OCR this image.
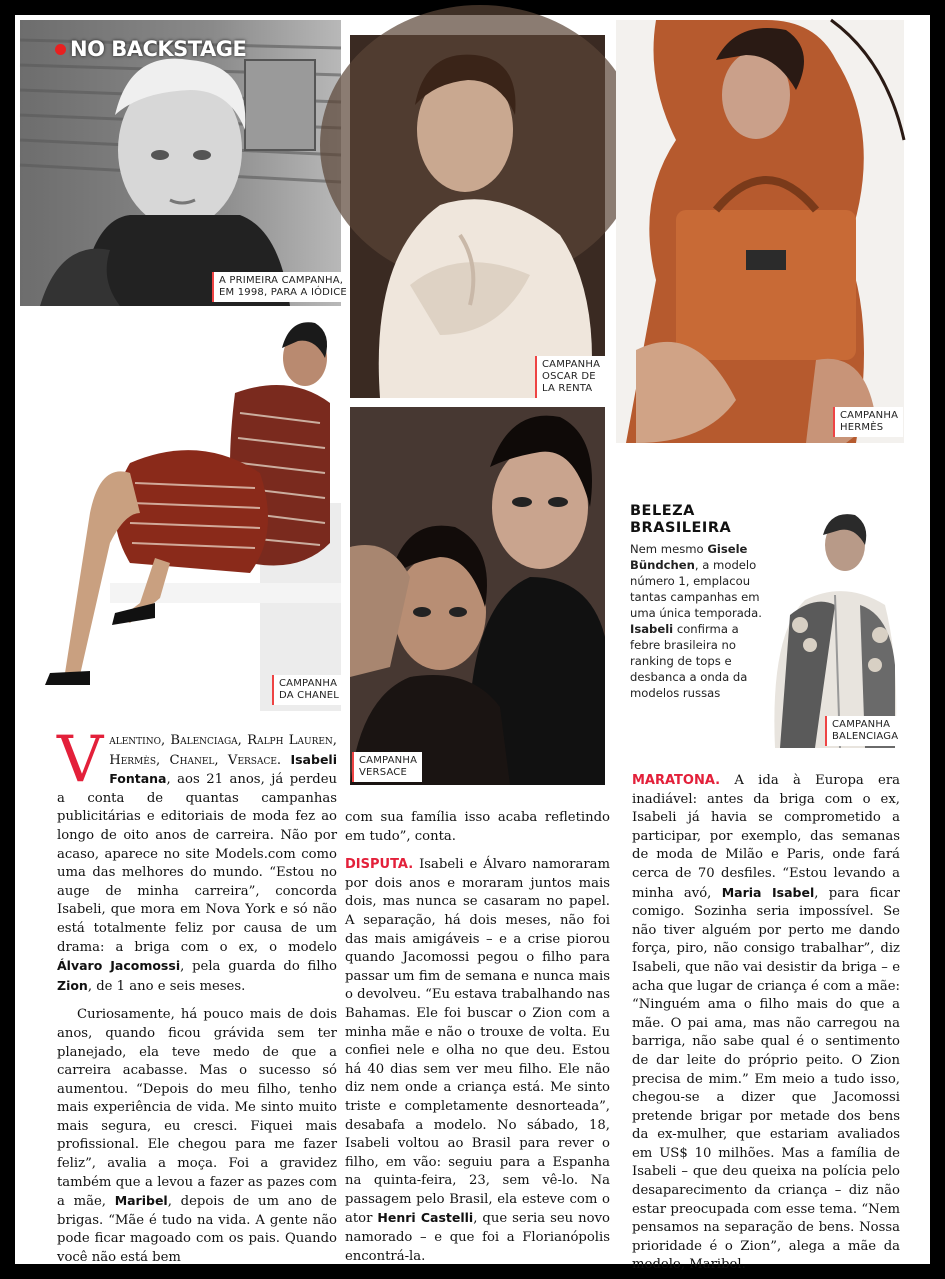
NO BACKSTAGE
A PRIMEIRA CAMPANHA,
EM 1998, PARA A IÓDICE
CAMPANHA
OSCAR DE
LA RENTA
CAMPANHA
HERMÈS
CAMPANHA
DA CHANEL
CAMPANHA
VERSACE
CAMPANHA
BALENCIAGA
BELEZA
BRASILEIRA

Nem mesmo Gisele Bündchen, a modelo número 1, emplacou tantas campanhas em uma única temporada. Isabeli confirma a febre brasileira no ranking de tops e desbanca a onda da modelos russas

Valentino, Balenciaga, Ralph Lauren, Hermès, Chanel, Versace. Isabeli Fontana, aos 21 anos, já perdeu a conta de quantas campanhas publicitárias e editoriais de moda fez ao longo de oito anos de carreira. Não por acaso, aparece no site Models.com como uma das melhores do mundo. “Estou no auge de minha carreira”, concorda Isabeli, que mora em Nova York e só não está totalmente feliz por causa de um drama: a briga com o ex, o modelo Álvaro Jacomossi, pela guarda do filho Zion, de 1 ano e seis meses.

Curiosamente, há pouco mais de dois anos, quando ficou grávida sem ter planejado, ela teve medo de que a carreira acabasse. Mas o sucesso só aumentou. “Depois do meu filho, tenho mais experiência de vida. Me sinto muito mais segura, eu cresci. Fiquei mais profissional. Ele chegou para me fazer feliz”, avalia a moça. Foi a gravidez também que a levou a fazer as pazes com a mãe, Maribel, depois de um ano de brigas. “Mãe é tudo na vida. A gente não pode ficar magoado com os pais. Quando você não está bem

com sua família isso acaba refletindo em tudo”, conta.

DISPUTA. Isabeli e Álvaro namoraram por dois anos e moraram juntos mais dois, mas nunca se casaram no papel. A separação, há dois meses, não foi das mais amigáveis – e a crise piorou quando Jacomossi pegou o filho para passar um fim de semana e nunca mais o devolveu. “Eu estava trabalhando nas Bahamas. Ele foi buscar o Zion com a minha mãe e não o trouxe de volta. Eu confiei nele e olha no que deu. Estou há 40 dias sem ver meu filho. Ele não diz nem onde a criança está. Me sinto triste e completamente desnorteada”, desabafa a modelo. No sábado, 18, Isabeli voltou ao Brasil para rever o filho, em vão: seguiu para a Espanha na quinta-feira, 23, sem vê-lo. Na passagem pelo Brasil, ela esteve com o ator Henri Castelli, que seria seu novo namorado – e que foi a Florianópolis encontrá-la.

MARATONA. A ida à Europa era inadiável: antes da briga com o ex, Isabeli já havia se comprometido a participar, por exemplo, das semanas de moda de Milão e Paris, onde fará cerca de 70 desfiles. “Estou levando a minha avó, Maria Isabel, para ficar comigo. Sozinha seria impossível. Se não tiver alguém por perto me dando força, piro, não consigo trabalhar”, diz Isabeli, que não vai desistir da briga – e acha que lugar de criança é com a mãe: “Ninguém ama o filho mais do que a mãe. O pai ama, mas não carregou na barriga, não sabe qual é o sentimento de dar leite do próprio peito. O Zion precisa de mim.” Em meio a tudo isso, chegou-se a dizer que Jacomossi pretende brigar por metade dos bens da ex-mulher, que estariam avaliados em US$ 10 milhões. Mas a família de Isabeli – que deu queixa na polícia pelo desaparecimento da criança – diz não estar preocupada com esse tema. “Nem pensamos na separação de bens. Nossa prioridade é o Zion”, alega a mãe da modelo, Maribel.
